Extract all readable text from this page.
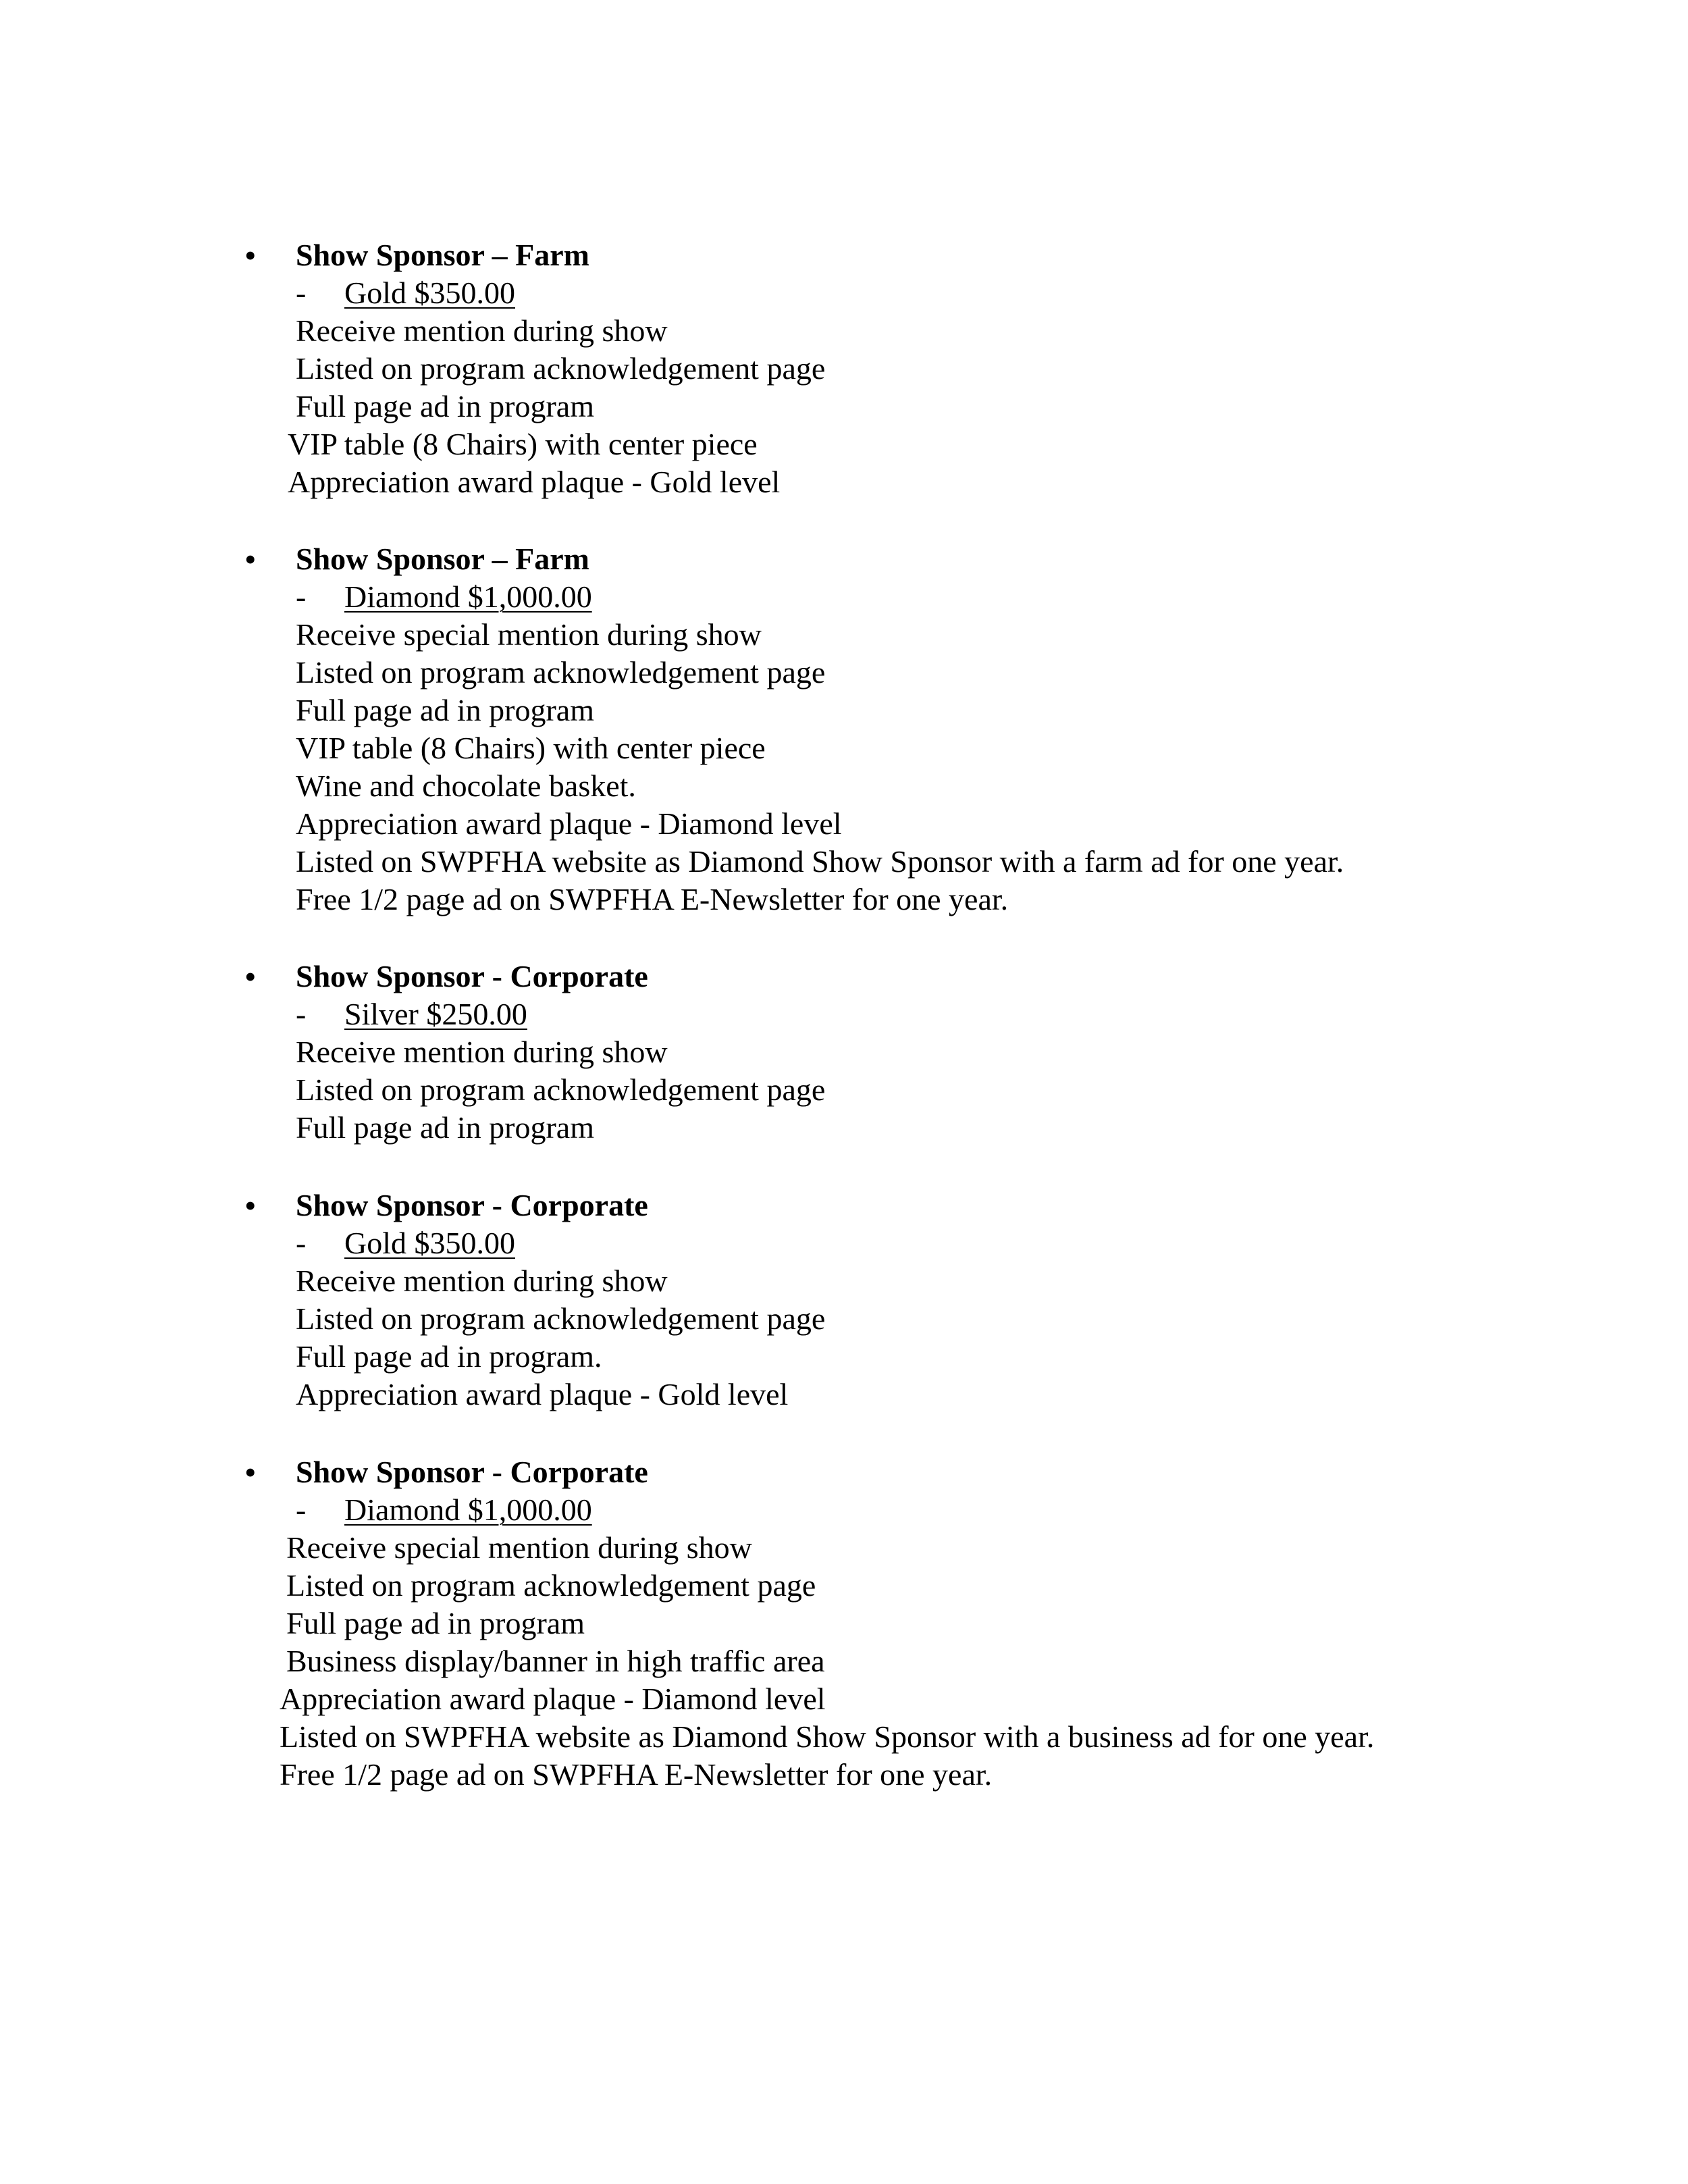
• Show Sponsor – Farm
- Gold $350.00
Receive mention during show
Listed on program acknowledgement page
Full page ad in program
VIP table (8 Chairs) with center piece
Appreciation award plaque - Gold level
• Show Sponsor – Farm
- Diamond $1,000.00
Receive special mention during show
Listed on program acknowledgement page
Full page ad in program
VIP table (8 Chairs) with center piece
Wine and chocolate basket.
Appreciation award plaque - Diamond level
Listed on SWPFHA website as Diamond Show Sponsor with a farm ad for one year.
Free 1/2 page ad on SWPFHA E-Newsletter for one year.
• Show Sponsor - Corporate
- Silver $250.00
Receive mention during show
Listed on program acknowledgement page
Full page ad in program
• Show Sponsor - Corporate
- Gold $350.00
Receive mention during show
Listed on program acknowledgement page
Full page ad in program.
Appreciation award plaque - Gold level
• Show Sponsor - Corporate
- Diamond $1,000.00
Receive special mention during show
Listed on program acknowledgement page
Full page ad in program
Business display/banner in high traffic area
Appreciation award plaque - Diamond level
Listed on SWPFHA website as Diamond Show Sponsor with a business ad for one year.
Free 1/2 page ad on SWPFHA E-Newsletter for one year.
